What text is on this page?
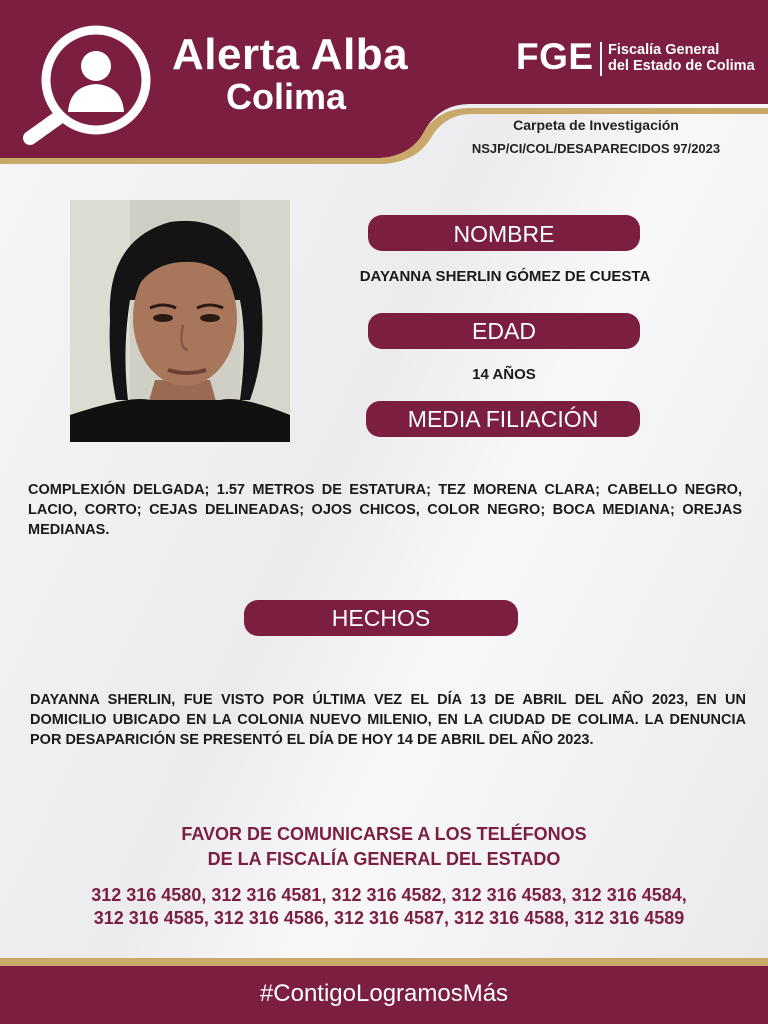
Alerta Alba
Colima
FGE Fiscalía General
del Estado de Colima
Carpeta de Investigación
NSJP/CI/COL/DESAPARECIDOS 97/2023
NOMBRE
DAYANNA SHERLIN GÓMEZ DE CUESTA
EDAD
14 AÑOS
MEDIA FILIACIÓN
COMPLEXIÓN DELGADA; 1.57 METROS DE ESTATURA; TEZ MORENA CLARA; CABELLO NEGRO, LACIO, CORTO; CEJAS DELINEADAS; OJOS CHICOS, COLOR NEGRO; BOCA MEDIANA; OREJAS MEDIANAS.
HECHOS
DAYANNA SHERLIN, FUE VISTO POR ÚLTIMA VEZ EL DÍA 13 DE ABRIL DEL AÑO 2023, EN UN DOMICILIO UBICADO EN LA COLONIA NUEVO MILENIO, EN LA CIUDAD DE COLIMA. LA DENUNCIA POR DESAPARICIÓN SE PRESENTÓ EL DÍA DE HOY 14 DE ABRIL DEL AÑO 2023.
FAVOR DE COMUNICARSE A LOS TELÉFONOS
DE LA FISCALÍA GENERAL DEL ESTADO
312 316 4580, 312 316 4581, 312 316 4582, 312 316 4583, 312 316 4584, 312 316 4585, 312 316 4586, 312 316 4587, 312 316 4588, 312 316 4589
#ContigoLogramosMás
